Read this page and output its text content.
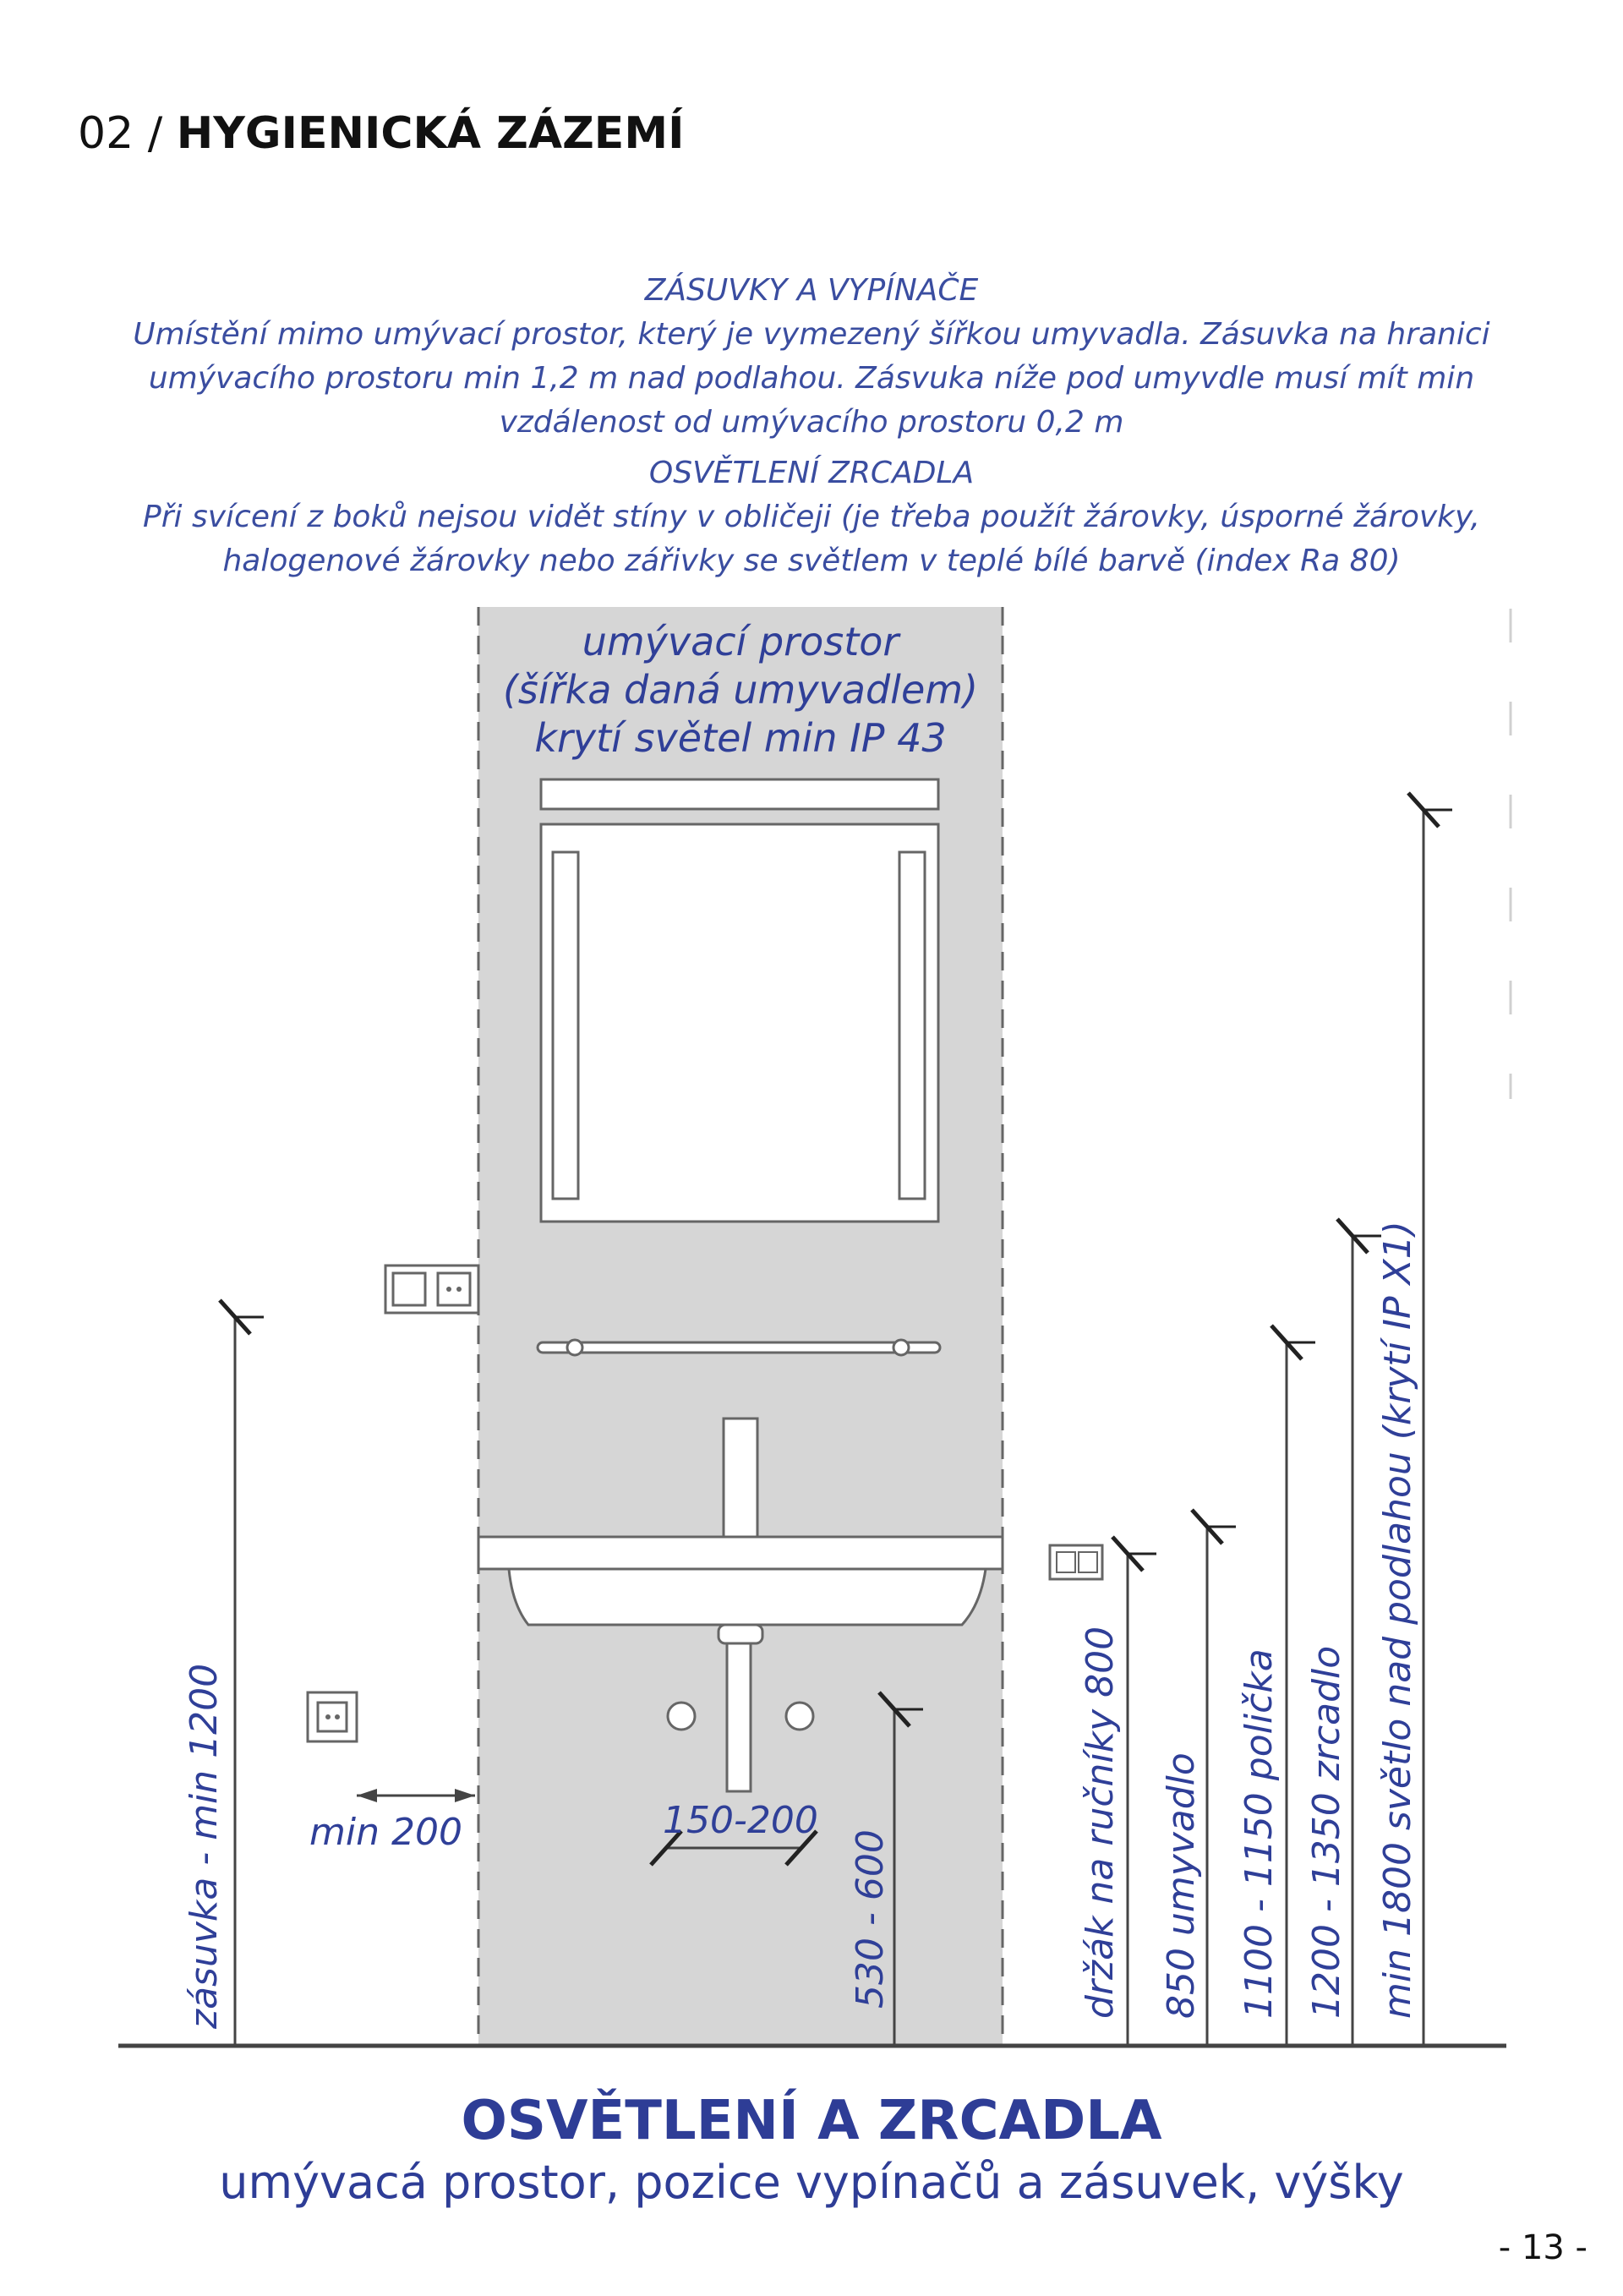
02 / HYGIENICKÁ ZÁZEMÍ
ZÁSUVKY A VYPÍNAČE
Umístění mimo umývací prostor, který je vymezený šířkou umyvadla. Zásuvka na hranici umývacího prostoru min 1,2 m nad podlahou. Zásvuka níže pod umyvdle musí mít min vzdálenost od umývacího prostoru 0,2 m
OSVĚTLENÍ ZRCADLA
Při svícení z boků nejsou vidět stíny v obličeji (je třeba použít žárovky, úsporné žárovky, halogenové žárovky nebo zářivky se světlem v teplé bílé barvě (index Ra 80)
umývací prostor
(šířka daná umyvadlem)
krytí světel min IP 43
min 200	150-200
zásuvka - min 1200	530 - 600	držák na ručníky 800 850 umyvadlo 1100 - 1150 polička 1200 - 1350 zrcadlo min 1800 světlo nad podlahou (krytí IP X1)
OSVĚTLENÍ A ZRCADLA
umývacá prostor, pozice vypínačů a zásuvek, výšky
- 13 -
